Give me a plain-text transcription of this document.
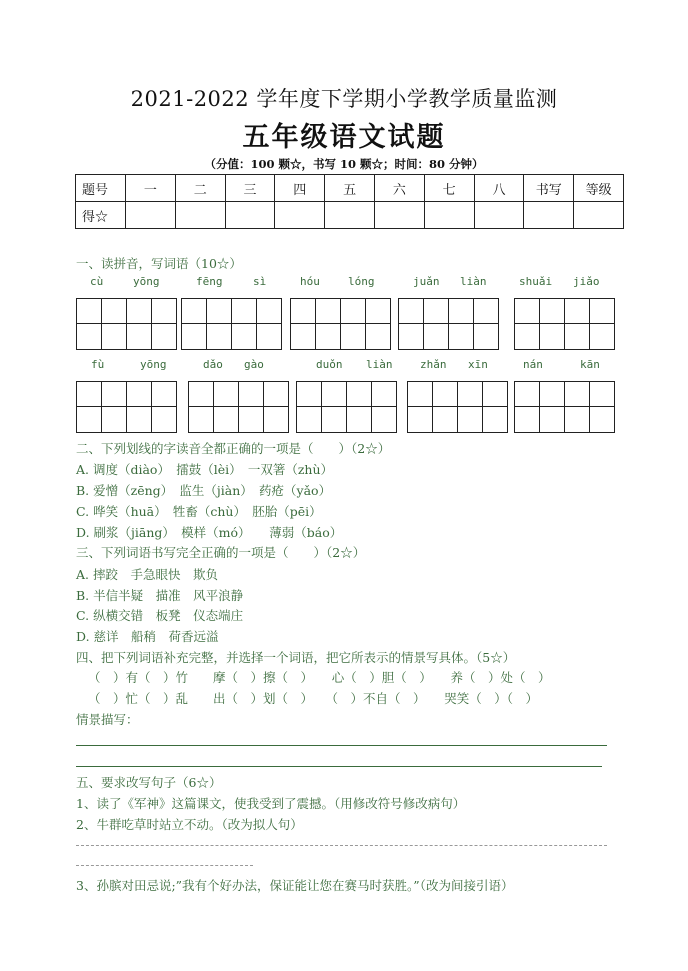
2021-2022 学年度下学期小学教学质量监测
五年级语文试题
（分值：100 颗☆，书写 10 颗☆；时间：80 分钟）
题号	一	二	三	四	五	六	七	八	书写	等级
得☆										
一、读拼音，写词语（10☆）
cù	yōng	fēng	sì	hóu	lóng	juǎn liàn	shuǎi jiǎo
fù	yōng	dǎo gào	duǒn liàn	zhǎn xīn	nán	kān
二、下列划线的字读音全都正确的一项是（　　）（2☆）
A. 调度（diào）　擂鼓（lèi）　一双箸（zhù）
B. 爱憎（zēng）　监生（jiàn）　药疮（yǎo）
C. 哗笑（huā）　牲畜（chù）　胚胎（pēi）
D. 刷浆（jiāng）　模样（mó）　　薄弱（báo）
三、下列词语书写完全正确的一项是（　　）（2☆）
A. 摔跤　手急眼快　欺负
B. 半信半疑　描准　风平浪静
C. 纵横交错　板凳　仪态端庄
D. 慈详　船稍　荷香远溢
四、把下列词语补充完整，并选择一个词语，把它所表示的情景写具体。（5☆）
（　）有（　）竹　　摩（　）擦（　）　　心（　）胆（　）　　养（　）处（　）
（　）忙（　）乱　　出（　）划（　）　　（　）不自（　）　　哭笑（　）（　）
情景描写：
五、要求改写句子（6☆）
1、读了《军神》这篇课文，使我受到了震撼。（用修改符号修改病句）
2、牛群吃草时站立不动。（改为拟人句）
3、孙膑对田忌说;”我有个好办法，保证能让您在赛马时获胜。”（改为间接引语）
